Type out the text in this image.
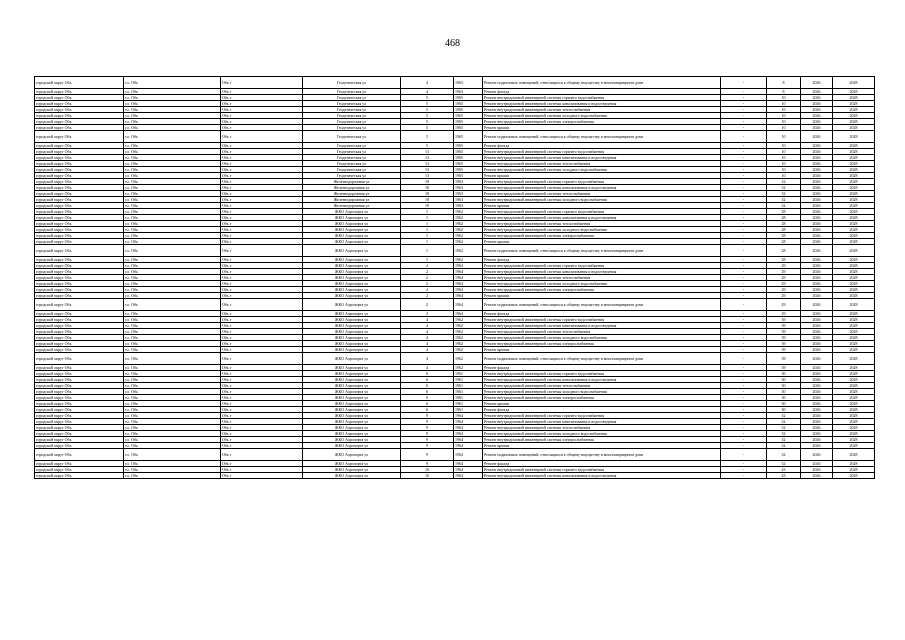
468
городской округ Обь	г.о. Обь	Обь г	Геодезическая ул	4	1963	Ремонт подвальных помещений, относящихся к общему имуществу в многоквартирном доме	-	8	2026	2028
городской округ Обь	г.о. Обь	Обь г	Геодезическая ул	4	1963	Ремонт фасада	-	8	2026	2028
городской округ Обь	г.о. Обь	Обь г	Геодезическая ул	5	1965	Ремонт внутридомовой инженерной системы горячего водоснабжения	-	10	2026	2028
городской округ Обь	г.о. Обь	Обь г	Геодезическая ул	5	1965	Ремонт внутридомовой инженерной системы канализования и водоотведения	-	10	2026	2028
городской округ Обь	г.о. Обь	Обь г	Геодезическая ул	5	1965	Ремонт внутридомовой инженерной системы теплоснабжения	-	10	2026	2028
городской округ Обь	г.о. Обь	Обь г	Геодезическая ул	5	1965	Ремонт внутридомовой инженерной системы холодного водоснабжения	-	10	2026	2028
городской округ Обь	г.о. Обь	Обь г	Геодезическая ул	5	1965	Ремонт внутридомовой инженерной системы электроснабжения	-	10	2026	2028
городской округ Обь	г.о. Обь	Обь г	Геодезическая ул	5	1965	Ремонт крыши	-	10	2026	2028
городской округ Обь	г.о. Обь	Обь г	Геодезическая ул	5	1965	Ремонт подвальных помещений, относящихся к общему имуществу в многоквартирном доме	-	10	2026	2028
городской округ Обь	г.о. Обь	Обь г	Геодезическая ул	5	1965	Ремонт фасада	-	10	2026	2028
городской округ Обь	г.о. Обь	Обь г	Геодезическая ул	13	1965	Ремонт внутридомовой инженерной системы горячего водоснабжения	-	10	2026	2028
городской округ Обь	г.о. Обь	Обь г	Геодезическая ул	13	1965	Ремонт внутридомовой инженерной системы канализования и водоотведения	-	10	2026	2028
городской округ Обь	г.о. Обь	Обь г	Геодезическая ул	13	1965	Ремонт внутридомовой инженерной системы теплоснабжения	-	10	2026	2028
городской округ Обь	г.о. Обь	Обь г	Геодезическая ул	13	1965	Ремонт внутридомовой инженерной системы холодного водоснабжения	-	10	2026	2028
городской округ Обь	г.о. Обь	Обь г	Геодезическая ул	13	1965	Ремонт крыши	-	10	2026	2028
городской округ Обь	г.о. Обь	Обь г	Железнодорожная ул	18	1963	Ремонт внутридомовой инженерной системы горячего водоснабжения	-	32	2026	2028
городской округ Обь	г.о. Обь	Обь г	Железнодорожная ул	18	1963	Ремонт внутридомовой инженерной системы канализования и водоотведения	-	32	2026	2028
городской округ Обь	г.о. Обь	Обь г	Железнодорожная ул	18	1963	Ремонт внутридомовой инженерной системы теплоснабжения	-	32	2026	2028
городской округ Обь	г.о. Обь	Обь г	Железнодорожная ул	18	1963	Ремонт внутридомовой инженерной системы холодного водоснабжения	-	32	2026	2028
городской округ Обь	г.о. Обь	Обь г	Железнодорожная ул	18	1963	Ремонт крыши	-	32	2026	2028
городской округ Обь	г.о. Обь	Обь г	ЖКО Аэропорта ул	1	1962	Ремонт внутридомовой инженерной системы горячего водоснабжения	-	28	2026	2028
городской округ Обь	г.о. Обь	Обь г	ЖКО Аэропорта ул	1	1962	Ремонт внутридомовой инженерной системы канализования и водоотведения	-	28	2026	2028
городской округ Обь	г.о. Обь	Обь г	ЖКО Аэропорта ул	1	1962	Ремонт внутридомовой инженерной системы теплоснабжения	-	28	2026	2028
городской округ Обь	г.о. Обь	Обь г	ЖКО Аэропорта ул	1	1962	Ремонт внутридомовой инженерной системы холодного водоснабжения	-	28	2026	2028
городской округ Обь	г.о. Обь	Обь г	ЖКО Аэропорта ул	1	1962	Ремонт внутридомовой инженерной системы электроснабжения	-	28	2026	2028
городской округ Обь	г.о. Обь	Обь г	ЖКО Аэропорта ул	1	1962	Ремонт крыши	-	28	2026	2028
городской округ Обь	г.о. Обь	Обь г	ЖКО Аэропорта ул	1	1962	Ремонт подвальных помещений, относящихся к общему имуществу в многоквартирном доме	-	28	2026	2028
городской округ Обь	г.о. Обь	Обь г	ЖКО Аэропорта ул	1	1962	Ремонт фасада	-	28	2026	2028
городской округ Обь	г.о. Обь	Обь г	ЖКО Аэропорта ул	2	1964	Ремонт внутридомовой инженерной системы горячего водоснабжения	-	29	2026	2028
городской округ Обь	г.о. Обь	Обь г	ЖКО Аэропорта ул	2	1964	Ремонт внутридомовой инженерной системы канализования и водоотведения	-	29	2026	2028
городской округ Обь	г.о. Обь	Обь г	ЖКО Аэропорта ул	2	1964	Ремонт внутридомовой инженерной системы теплоснабжения	-	29	2026	2028
городской округ Обь	г.о. Обь	Обь г	ЖКО Аэропорта ул	2	1964	Ремонт внутридомовой инженерной системы холодного водоснабжения	-	29	2026	2028
городской округ Обь	г.о. Обь	Обь г	ЖКО Аэропорта ул	2	1964	Ремонт внутридомовой инженерной системы электроснабжения	-	29	2026	2028
городской округ Обь	г.о. Обь	Обь г	ЖКО Аэропорта ул	2	1964	Ремонт крыши	-	29	2026	2028
городской округ Обь	г.о. Обь	Обь г	ЖКО Аэропорта ул	2	1964	Ремонт подвальных помещений, относящихся к общему имуществу в многоквартирном доме	-	29	2026	2028
городской округ Обь	г.о. Обь	Обь г	ЖКО Аэропорта ул	2	1964	Ремонт фасада	-	29	2026	2028
городской округ Обь	г.о. Обь	Обь г	ЖКО Аэропорта ул	4	1962	Ремонт внутридомовой инженерной системы горячего водоснабжения	-	39	2026	2028
городской округ Обь	г.о. Обь	Обь г	ЖКО Аэропорта ул	4	1962	Ремонт внутридомовой инженерной системы канализования и водоотведения	-	39	2026	2028
городской округ Обь	г.о. Обь	Обь г	ЖКО Аэропорта ул	4	1962	Ремонт внутридомовой инженерной системы теплоснабжения	-	39	2026	2028
городской округ Обь	г.о. Обь	Обь г	ЖКО Аэропорта ул	4	1962	Ремонт внутридомовой инженерной системы холодного водоснабжения	-	39	2026	2028
городской округ Обь	г.о. Обь	Обь г	ЖКО Аэропорта ул	4	1962	Ремонт внутридомовой инженерной системы электроснабжения	-	39	2026	2028
городской округ Обь	г.о. Обь	Обь г	ЖКО Аэропорта ул	4	1962	Ремонт крыши	-	39	2026	2028
городской округ Обь	г.о. Обь	Обь г	ЖКО Аэропорта ул	4	1962	Ремонт подвальных помещений, относящихся к общему имуществу в многоквартирном доме	-	39	2026	2028
городской округ Обь	г.о. Обь	Обь г	ЖКО Аэропорта ул	4	1962	Ремонт фасада	-	39	2026	2028
городской округ Обь	г.о. Обь	Обь г	ЖКО Аэропорта ул	6	1961	Ремонт внутридомовой инженерной системы горячего водоснабжения	-	30	2026	2028
городской округ Обь	г.о. Обь	Обь г	ЖКО Аэропорта ул	6	1961	Ремонт внутридомовой инженерной системы канализования и водоотведения	-	30	2026	2028
городской округ Обь	г.о. Обь	Обь г	ЖКО Аэропорта ул	6	1961	Ремонт внутридомовой инженерной системы теплоснабжения	-	30	2026	2028
городской округ Обь	г.о. Обь	Обь г	ЖКО Аэропорта ул	6	1961	Ремонт внутридомовой инженерной системы холодного водоснабжения	-	30	2026	2028
городской округ Обь	г.о. Обь	Обь г	ЖКО Аэропорта ул	6	1961	Ремонт внутридомовой инженерной системы электроснабжения	-	30	2026	2028
городской округ Обь	г.о. Обь	Обь г	ЖКО Аэропорта ул	6	1961	Ремонт крыши	-	30	2026	2028
городской округ Обь	г.о. Обь	Обь г	ЖКО Аэропорта ул	6	1961	Ремонт фасада	-	30	2026	2028
городской округ Обь	г.о. Обь	Обь г	ЖКО Аэропорта ул	9	1964	Ремонт внутридомовой инженерной системы горячего водоснабжения	-	32	2026	2028
городской округ Обь	г.о. Обь	Обь г	ЖКО Аэропорта ул	9	1964	Ремонт внутридомовой инженерной системы канализования и водоотведения	-	32	2026	2028
городской округ Обь	г.о. Обь	Обь г	ЖКО Аэропорта ул	9	1964	Ремонт внутридомовой инженерной системы теплоснабжения	-	32	2026	2028
городской округ Обь	г.о. Обь	Обь г	ЖКО Аэропорта ул	9	1964	Ремонт внутридомовой инженерной системы холодного водоснабжения	-	32	2026	2028
городской округ Обь	г.о. Обь	Обь г	ЖКО Аэропорта ул	9	1964	Ремонт внутридомовой инженерной системы электроснабжения	-	32	2026	2028
городской округ Обь	г.о. Обь	Обь г	ЖКО Аэропорта ул	9	1964	Ремонт крыши	-	32	2026	2028
городской округ Обь	г.о. Обь	Обь г	ЖКО Аэропорта ул	9	1964	Ремонт подвальных помещений, относящихся к общему имуществу в многоквартирном доме	-	32	2026	2028
городской округ Обь	г.о. Обь	Обь г	ЖКО Аэропорта ул	9	1964	Ремонт фасада	-	32	2026	2028
городской округ Обь	г.о. Обь	Обь г	ЖКО Аэропорта ул	10	1964	Ремонт внутридомовой инженерной системы горячего водоснабжения	-	43	2026	2028
городской округ Обь	г.о. Обь	Обь г	ЖКО Аэропорта ул	10	1964	Ремонт внутридомовой инженерной системы канализования и водоотведения	-	43	2026	2028
